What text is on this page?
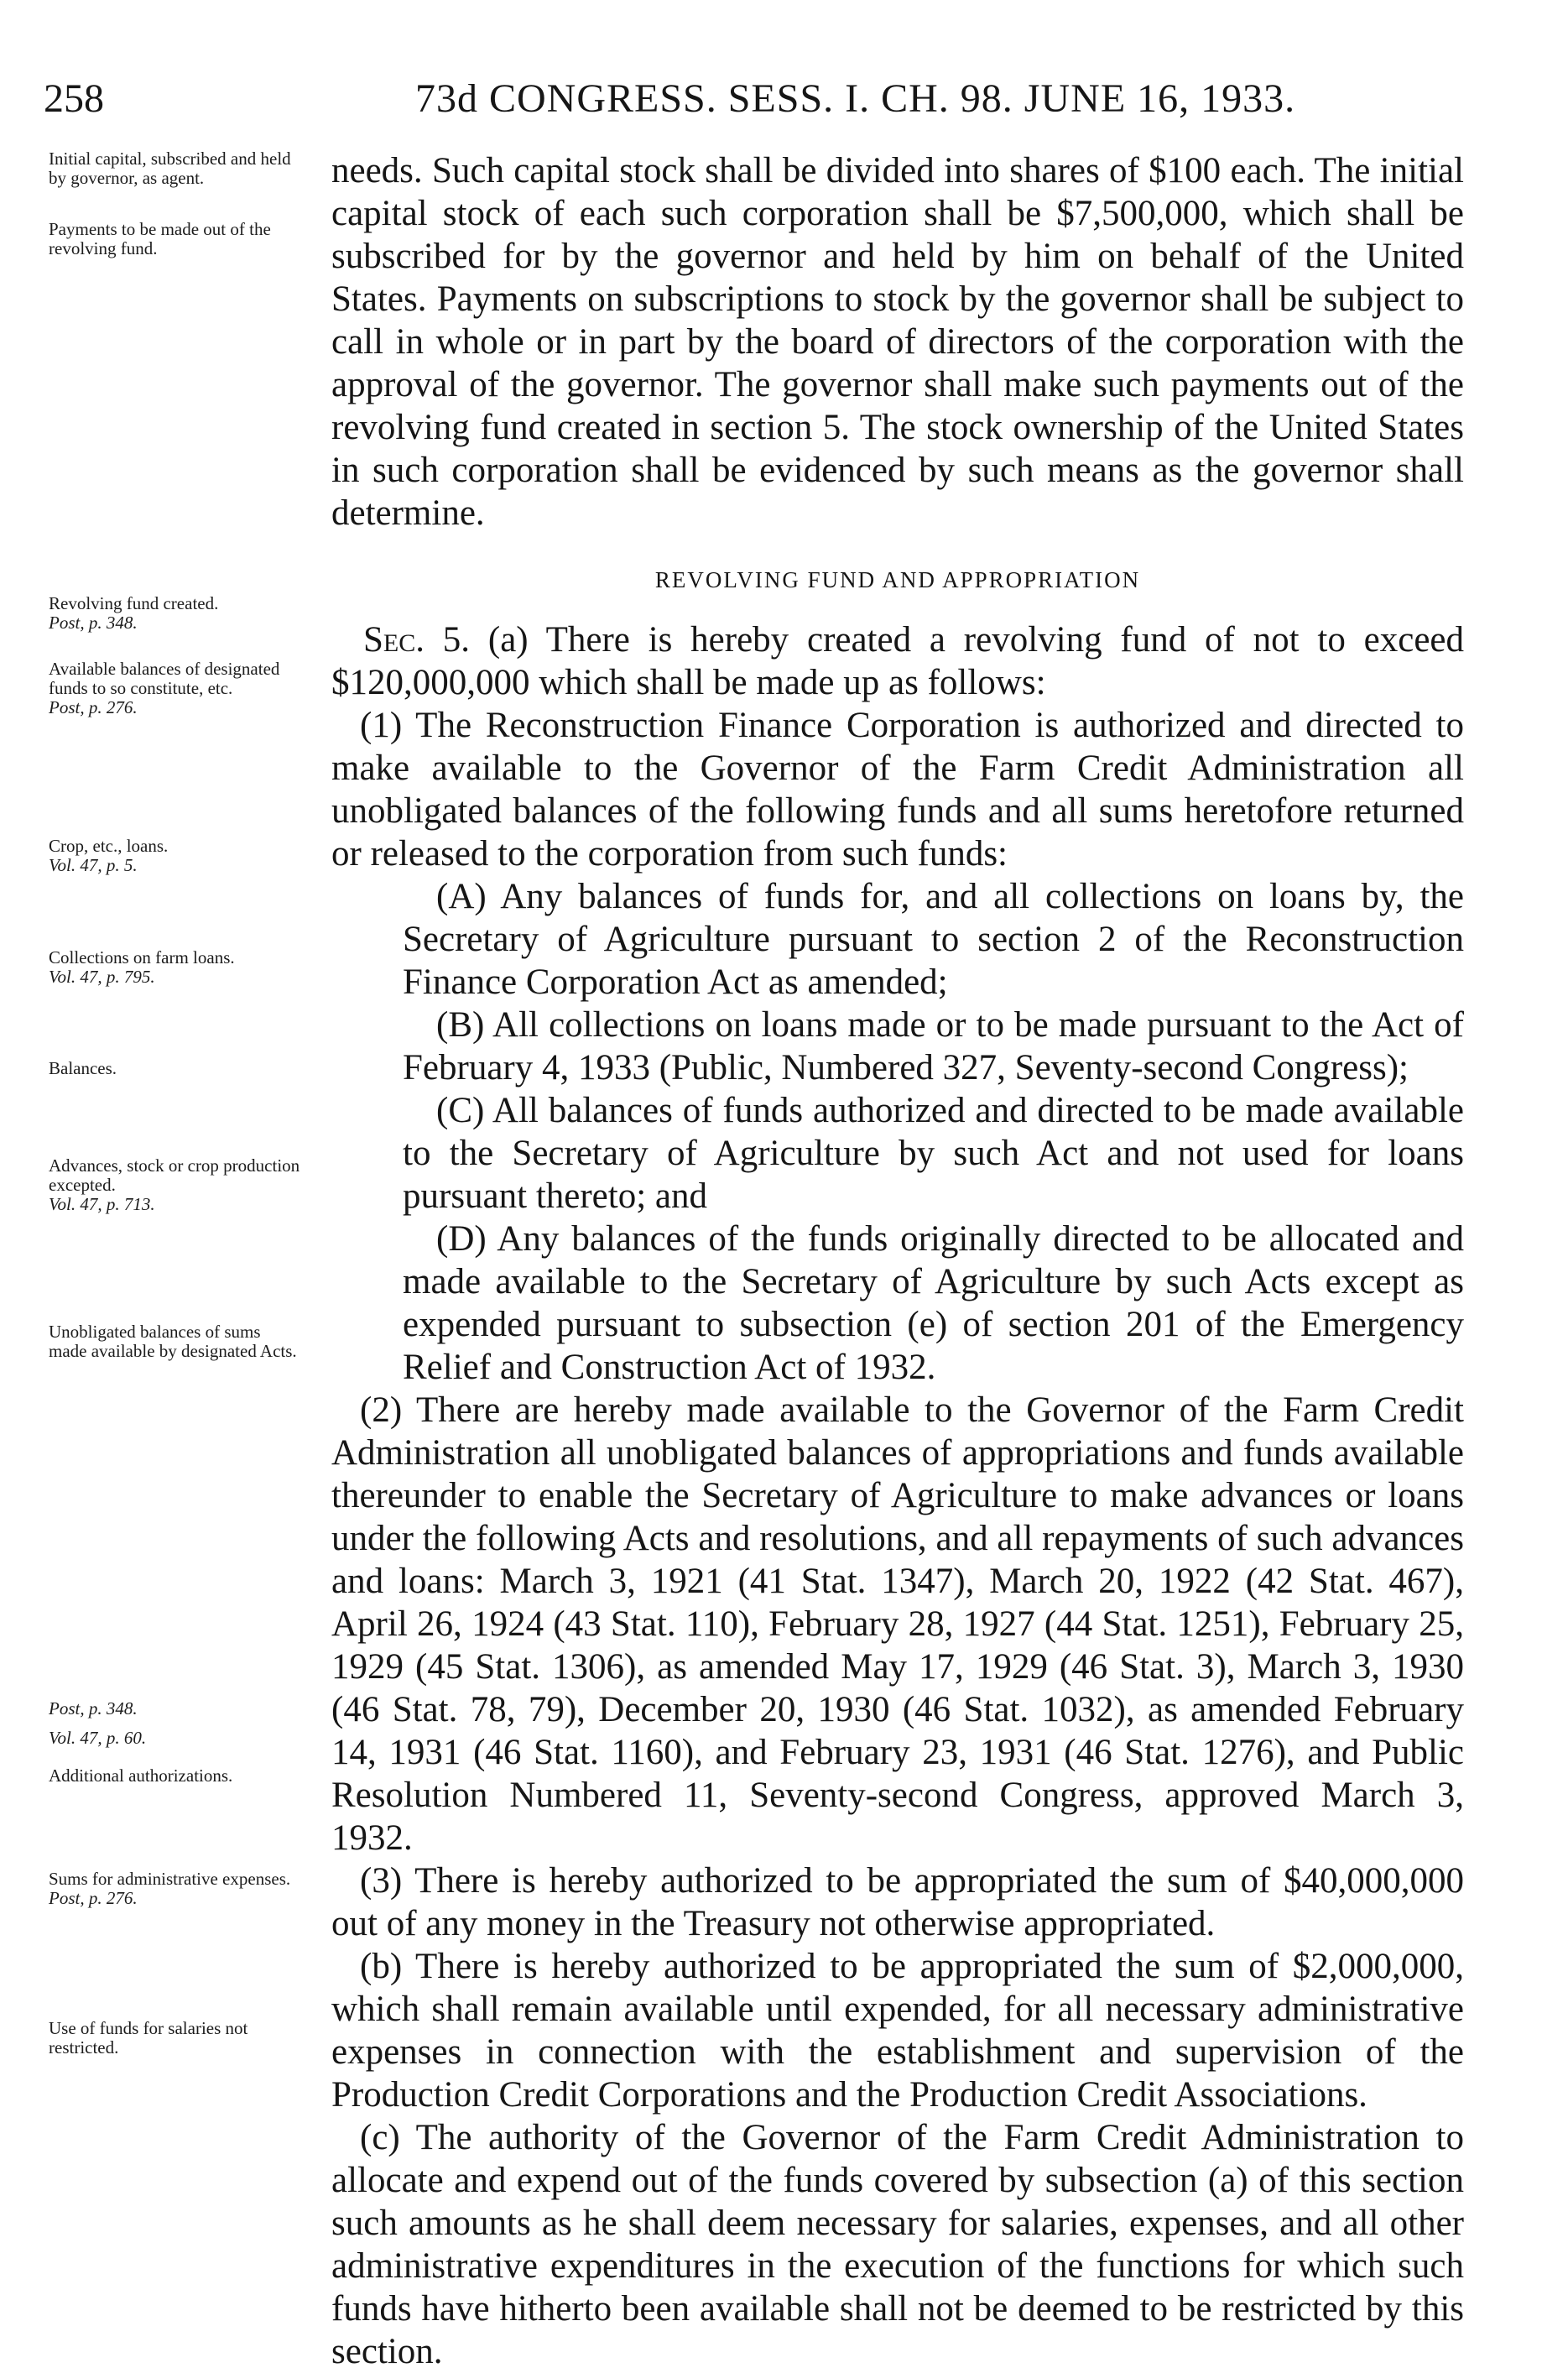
258	73d CONGRESS. SESS. I. CH. 98. JUNE 16, 1933.
Initial capital, subscribed and held by governor, as agent.
Payments to be made out of the revolving fund.
Revolving fund created.
Post, p. 348.
Available balances of designated funds to so constitute, etc.
Post, p. 276.
Crop, etc., loans.
Vol. 47, p. 5.
Collections on farm loans.
Vol. 47, p. 795.
Balances.
Advances, stock or crop production excepted.
Vol. 47, p. 713.
Unobligated balances of sums made available by designated Acts.
Post, p. 348.
Vol. 47, p. 60.
Additional authorizations.
Sums for administrative expenses.
Post, p. 276.
Use of funds for salaries not restricted.

needs. Such capital stock shall be divided into shares of $100 each. The initial capital stock of each such corporation shall be $7,500,000, which shall be subscribed for by the governor and held by him on behalf of the United States. Payments on subscriptions to stock by the governor shall be subject to call in whole or in part by the board of directors of the corporation with the approval of the governor. The governor shall make such payments out of the revolving fund created in section 5. The stock ownership of the United States in such corporation shall be evidenced by such means as the governor shall determine.

REVOLVING FUND AND APPROPRIATION

Sec. 5. (a) There is hereby created a revolving fund of not to exceed $120,000,000 which shall be made up as follows:

(1) The Reconstruction Finance Corporation is authorized and directed to make available to the Governor of the Farm Credit Administration all unobligated balances of the following funds and all sums heretofore returned or released to the corporation from such funds:

(A) Any balances of funds for, and all collections on loans by, the Secretary of Agriculture pursuant to section 2 of the Reconstruction Finance Corporation Act as amended;

(B) All collections on loans made or to be made pursuant to the Act of February 4, 1933 (Public, Numbered 327, Seventy-second Congress);

(C) All balances of funds authorized and directed to be made available to the Secretary of Agriculture by such Act and not used for loans pursuant thereto; and

(D) Any balances of the funds originally directed to be allocated and made available to the Secretary of Agriculture by such Acts except as expended pursuant to subsection (e) of section 201 of the Emergency Relief and Construction Act of 1932.

(2) There are hereby made available to the Governor of the Farm Credit Administration all unobligated balances of appropriations and funds available thereunder to enable the Secretary of Agriculture to make advances or loans under the following Acts and resolutions, and all repayments of such advances and loans: March 3, 1921 (41 Stat. 1347), March 20, 1922 (42 Stat. 467), April 26, 1924 (43 Stat. 110), February 28, 1927 (44 Stat. 1251), February 25, 1929 (45 Stat. 1306), as amended May 17, 1929 (46 Stat. 3), March 3, 1930 (46 Stat. 78, 79), December 20, 1930 (46 Stat. 1032), as amended February 14, 1931 (46 Stat. 1160), and February 23, 1931 (46 Stat. 1276), and Public Resolution Numbered 11, Seventy-second Congress, approved March 3, 1932.

(3) There is hereby authorized to be appropriated the sum of $40,000,000 out of any money in the Treasury not otherwise appropriated.

(b) There is hereby authorized to be appropriated the sum of $2,000,000, which shall remain available until expended, for all necessary administrative expenses in connection with the establishment and supervision of the Production Credit Corporations and the Production Credit Associations.

(c) The authority of the Governor of the Farm Credit Administration to allocate and expend out of the funds covered by subsection (a) of this section such amounts as he shall deem necessary for salaries, expenses, and all other administrative expenditures in the execution of the functions for which such funds have hitherto been available shall not be deemed to be restricted by this section.
